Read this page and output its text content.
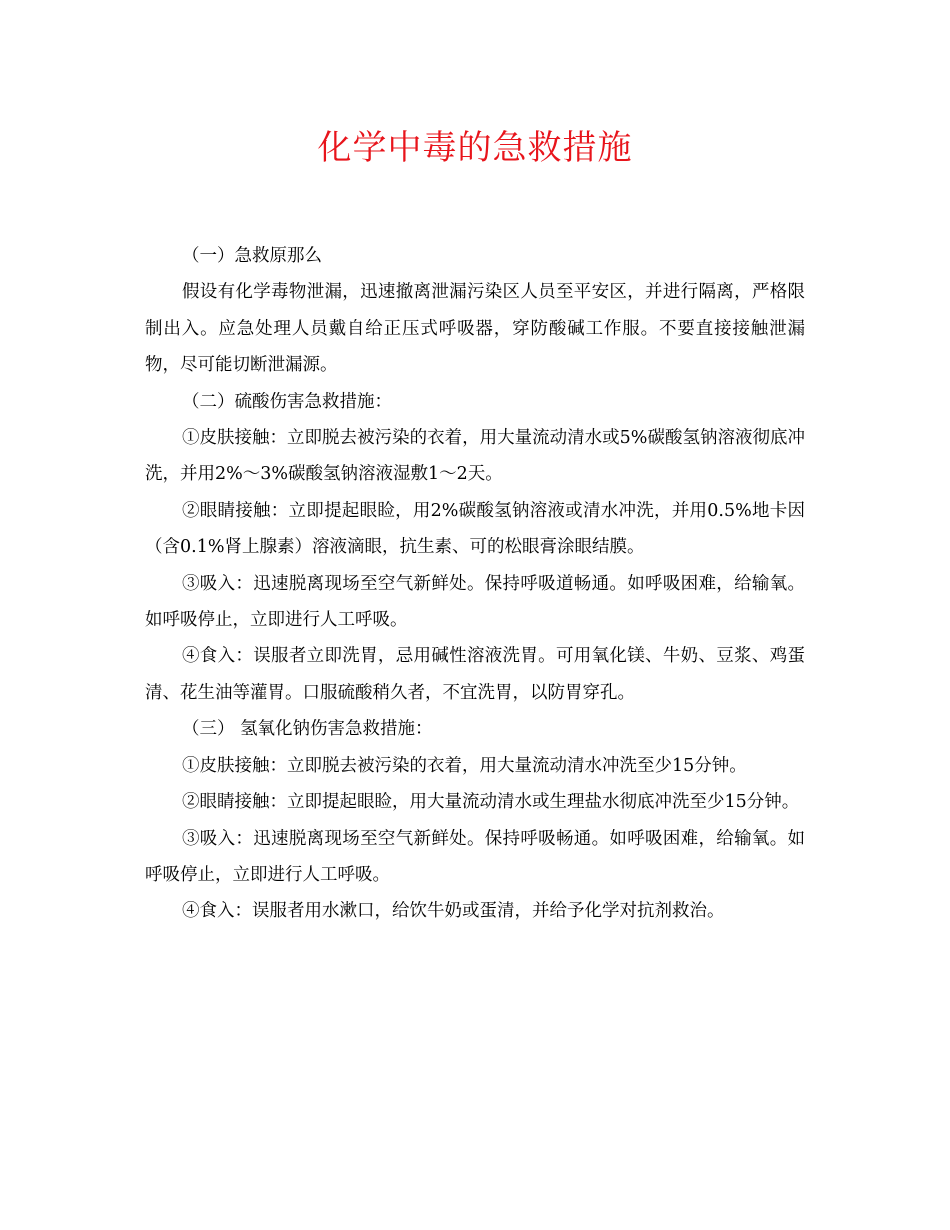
化学中毒的急救措施

（一）急救原那么

假设有化学毒物泄漏，迅速撤离泄漏污染区人员至平安区，并进行隔离，严格限制出入。应急处理人员戴自给正压式呼吸器，穿防酸碱工作服。不要直接接触泄漏物，尽可能切断泄漏源。

（二）硫酸伤害急救措施：

①皮肤接触：立即脱去被污染的衣着，用大量流动清水或5%碳酸氢钠溶液彻底冲洗，并用2%～3%碳酸氢钠溶液湿敷1～2天。

②眼睛接触：立即提起眼睑，用2%碳酸氢钠溶液或清水冲洗，并用0.5%地卡因（含0.1%肾上腺素）溶液滴眼，抗生素、可的松眼膏涂眼结膜。

③吸入：迅速脱离现场至空气新鲜处。保持呼吸道畅通。如呼吸困难，给输氧。如呼吸停止，立即进行人工呼吸。

④食入：误服者立即洗胃，忌用碱性溶液洗胃。可用氧化镁、牛奶、豆浆、鸡蛋清、花生油等灌胃。口服硫酸稍久者，不宜洗胃，以防胃穿孔。

（三） 氢氧化钠伤害急救措施：

①皮肤接触：立即脱去被污染的衣着，用大量流动清水冲洗至少15分钟。

②眼睛接触：立即提起眼睑，用大量流动清水或生理盐水彻底冲洗至少15分钟。

③吸入：迅速脱离现场至空气新鲜处。保持呼吸畅通。如呼吸困难，给输氧。如呼吸停止，立即进行人工呼吸。

④食入：误服者用水漱口，给饮牛奶或蛋清，并给予化学对抗剂救治。
